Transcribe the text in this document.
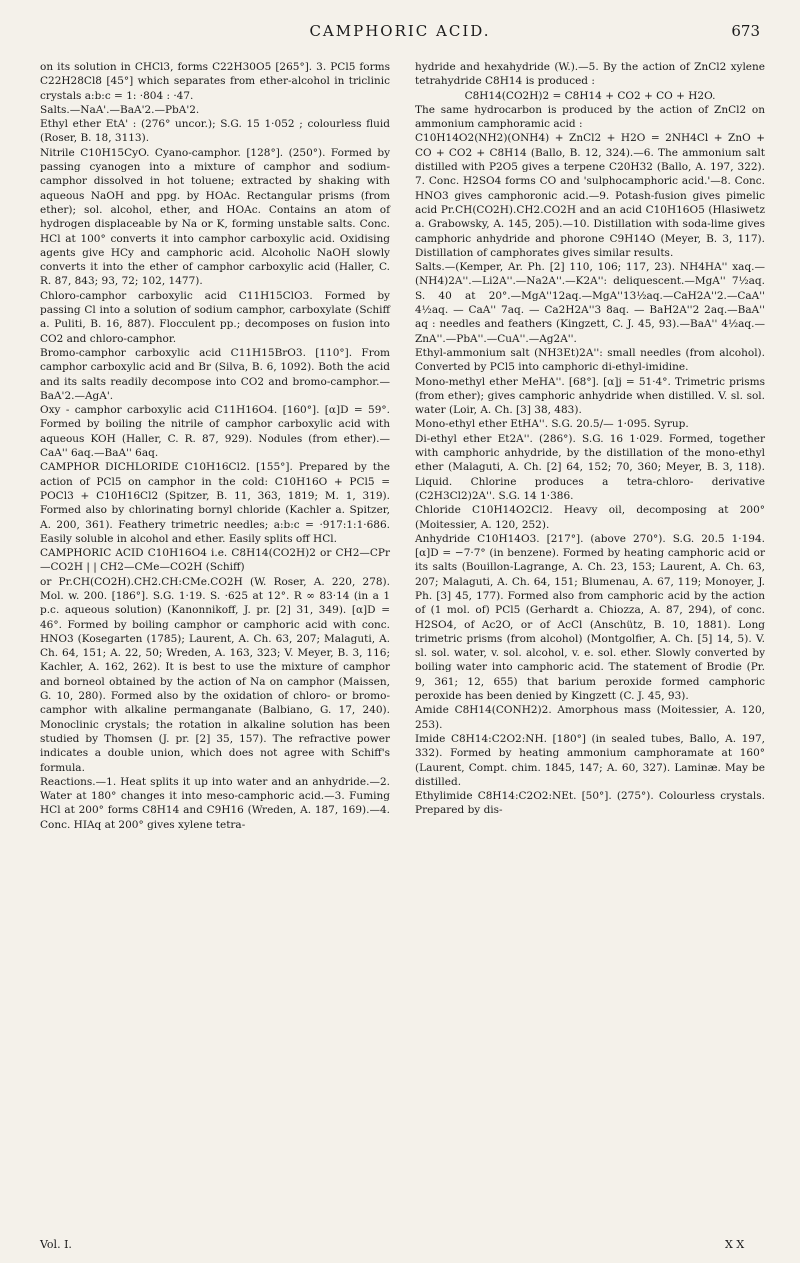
CAMPHORIC ACID.	673

on its solution in CHCl3, forms C22H30O5 [265°]. 3. PCl5 forms C22H28Cl8 [45°] which separates from ether-alcohol in triclinic crystals a:b:c = 1: ·804 : ·47.

Salts.—NaA'.—BaA'2.—PbA'2.

Ethyl ether EtA' : (276° uncor.); S.G. 15 1·052 ; colourless fluid (Roser, B. 18, 3113).

Nitrile C10H15CyO. Cyano-camphor. [128°]. (250°). Formed by passing cyanogen into a mixture of camphor and sodium-camphor dissolved in hot toluene; extracted by shaking with aqueous NaOH and ppg. by HOAc. Rectangular prisms (from ether); sol. alcohol, ether, and HOAc. Contains an atom of hydrogen displaceable by Na or K, forming unstable salts. Conc. HCl at 100° converts it into camphor carboxylic acid. Oxidising agents give HCy and camphoric acid. Alcoholic NaOH slowly converts it into the ether of camphor carboxylic acid (Haller, C. R. 87, 843; 93, 72; 102, 1477).

Chloro-camphor carboxylic acid C11H15ClO3. Formed by passing Cl into a solution of sodium camphor, carboxylate (Schiff a. Puliti, B. 16, 887). Flocculent pp.; decomposes on fusion into CO2 and chloro-camphor.

Bromo-camphor carboxylic acid C11H15BrO3. [110°]. From camphor carboxylic acid and Br (Silva, B. 6, 1092). Both the acid and its salts readily decompose into CO2 and bromo-camphor.—BaA'2.—AgA'.

Oxy - camphor carboxylic acid C11H16O4. [160°]. [α]D = 59°. Formed by boiling the nitrile of camphor carboxylic acid with aqueous KOH (Haller, C. R. 87, 929). Nodules (from ether).—CaA'' 6aq.—BaA'' 6aq.

CAMPHOR DICHLORIDE C10H16Cl2. [155°]. Prepared by the action of PCl5 on camphor in the cold: C10H16O + PCl5 = POCl3 + C10H16Cl2 (Spitzer, B. 11, 363, 1819; M. 1, 319). Formed also by chlorinating bornyl chloride (Kachler a. Spitzer, A. 200, 361). Feathery trimetric needles; a:b:c = ·917:1:1·686. Easily soluble in alcohol and ether. Easily splits off HCl.

CAMPHORIC ACID C10H16O4 i.e. C8H14(CO2H)2 or CH2—CPr—CO2H | | CH2—CMe—CO2H (Schiff)

or Pr.CH(CO2H).CH2.CH:CMe.CO2H (W. Roser, A. 220, 278). Mol. w. 200. [186°]. S.G. 1·19. S. ·625 at 12°. R ∞ 83·14 (in a 1 p.c. aqueous solution) (Kanonnikoff, J. pr. [2] 31, 349). [α]D = 46°. Formed by boiling camphor or camphoric acid with conc. HNO3 (Kosegarten (1785); Laurent, A. Ch. 63, 207; Malaguti, A. Ch. 64, 151; A. 22, 50; Wreden, A. 163, 323; V. Meyer, B. 3, 116; Kachler, A. 162, 262). It is best to use the mixture of camphor and borneol obtained by the action of Na on camphor (Maissen, G. 10, 280). Formed also by the oxidation of chloro- or bromo- camphor with alkaline permanganate (Balbiano, G. 17, 240). Monoclinic crystals; the rotation in alkaline solution has been studied by Thomsen (J. pr. [2] 35, 157). The refractive power indicates a double union, which does not agree with Schiff's formula.

Reactions.—1. Heat splits it up into water and an anhydride.—2. Water at 180° changes it into meso-camphoric acid.—3. Fuming HCl at 200° forms C8H14 and C9H16 (Wreden, A. 187, 169).—4. Conc. HIAq at 200° gives xylene tetra-

hydride and hexahydride (W.).—5. By the action of ZnCl2 xylene tetrahydride C8H14 is produced :

C8H14(CO2H)2 = C8H14 + CO2 + CO + H2O.

The same hydrocarbon is produced by the action of ZnCl2 on ammonium camphoramic acid :

C10H14O2(NH2)(ONH4) + ZnCl2 + H2O = 2NH4Cl + ZnO + CO + CO2 + C8H14 (Ballo, B. 12, 324).—6. The ammonium salt distilled with P2O5 gives a terpene C20H32 (Ballo, A. 197, 322). 7. Conc. H2SO4 forms CO and 'sulphocamphoric acid.'—8. Conc. HNO3 gives camphoronic acid.—9. Potash-fusion gives pimelic acid Pr.CH(CO2H).CH2.CO2H and an acid C10H16O5 (Hlasiwetz a. Grabowsky, A. 145, 205).—10. Distillation with soda-lime gives camphoric anhydride and phorone C9H14O (Meyer, B. 3, 117). Distillation of camphorates gives similar results.

Salts.—(Kemper, Ar. Ph. [2] 110, 106; 117, 23). NH4HA'' xaq.—(NH4)2A''.—Li2A''.—Na2A''.—K2A'': deliquescent.—MgA'' 7½aq. S. 40 at 20°.—MgA''12aq.—MgA''13½aq.—CaH2A''2.—CaA'' 4½aq. — CaA'' 7aq. — Ca2H2A''3 8aq. — BaH2A''2 2aq.—BaA'' aq : needles and feathers (Kingzett, C. J. 45, 93).—BaA'' 4½aq.—ZnA''.—PbA''.—CuA''.—Ag2A''.

Ethyl-ammonium salt (NH3Et)2A'': small needles (from alcohol). Converted by PCl5 into camphoric di-ethyl-imidine.

Mono-methyl ether MeHA''. [68°]. [α]j = 51·4°. Trimetric prisms (from ether); gives camphoric anhydride when distilled. V. sl. sol. water (Loir, A. Ch. [3] 38, 483).

Mono-ethyl ether EtHA''. S.G. 20.5/— 1·095. Syrup.

Di-ethyl ether Et2A''. (286°). S.G. 16 1·029. Formed, together with camphoric anhydride, by the distillation of the mono-ethyl ether (Malaguti, A. Ch. [2] 64, 152; 70, 360; Meyer, B. 3, 118). Liquid. Chlorine produces a tetra-chloro- derivative (C2H3Cl2)2A''. S.G. 14 1·386.

Chloride C10H14O2Cl2. Heavy oil, decomposing at 200° (Moitessier, A. 120, 252).

Anhydride C10H14O3. [217°]. (above 270°). S.G. 20.5 1·194. [α]D = −7·7° (in benzene). Formed by heating camphoric acid or its salts (Bouillon-Lagrange, A. Ch. 23, 153; Laurent, A. Ch. 63, 207; Malaguti, A. Ch. 64, 151; Blumenau, A. 67, 119; Monoyer, J. Ph. [3] 45, 177). Formed also from camphoric acid by the action of (1 mol. of) PCl5 (Gerhardt a. Chiozza, A. 87, 294), of conc. H2SO4, of Ac2O, or of AcCl (Anschütz, B. 10, 1881). Long trimetric prisms (from alcohol) (Montgolfier, A. Ch. [5] 14, 5). V. sl. sol. water, v. sol. alcohol, v. e. sol. ether. Slowly converted by boiling water into camphoric acid. The statement of Brodie (Pr. 9, 361; 12, 655) that barium peroxide formed camphoric peroxide has been denied by Kingzett (C. J. 45, 93).

Amide C8H14(CONH2)2. Amorphous mass (Moitessier, A. 120, 253).

Imide C8H14:C2O2:NH. [180°] (in sealed tubes, Ballo, A. 197, 332). Formed by heating ammonium camphoramate at 160° (Laurent, Compt. chim. 1845, 147; A. 60, 327). Laminæ. May be distilled.

Ethylimide C8H14:C2O2:NEt. [50°]. (275°). Colourless crystals. Prepared by dis-

Vol. I.	X X
